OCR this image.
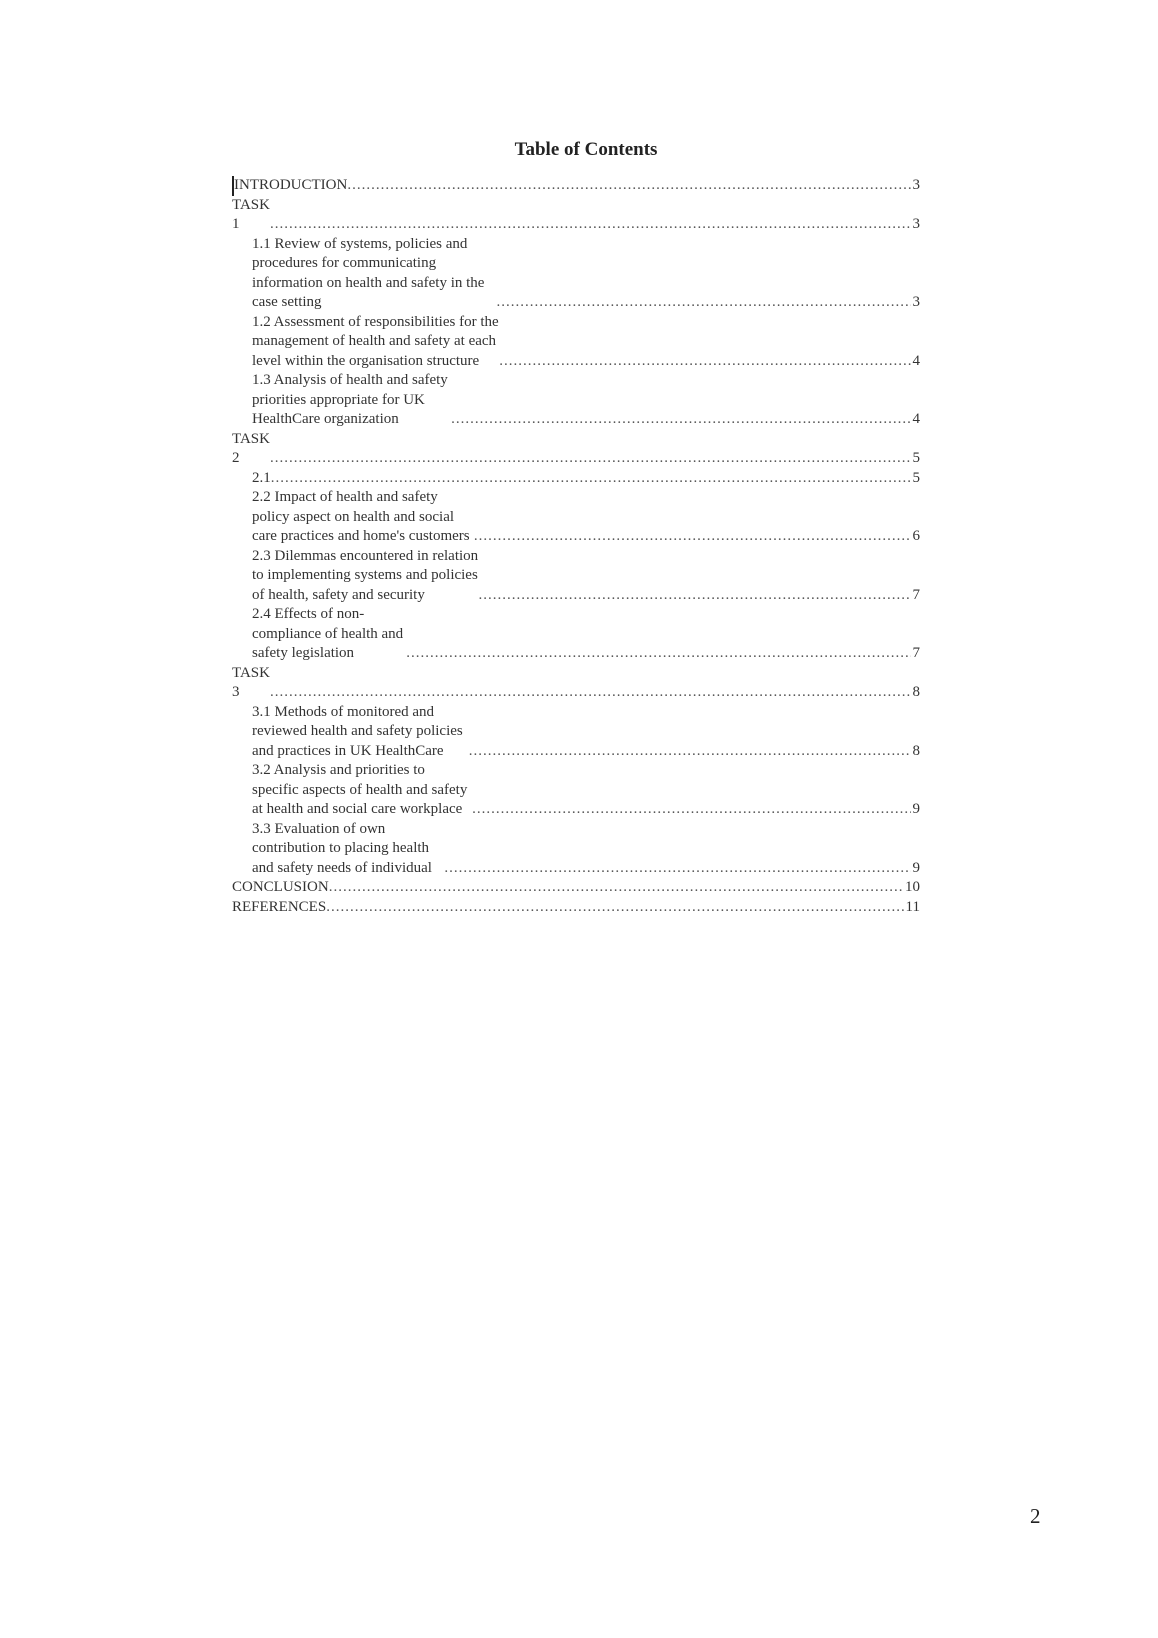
Table of Contents
INTRODUCTION .....	3
TASK 1 .....	3
1.1 Review of systems, policies and procedures for communicating information on health and safety in the case setting .....	3
1.2 Assessment of responsibilities for the management of health and safety at each level within the organisation structure .....	4
1.3 Analysis of health and safety priorities appropriate for UK HealthCare organization .....	4
TASK 2 .....	5
2.1 .....	5
2.2 Impact of health and safety policy aspect on health and social care practices and home's customers .....	6
2.3 Dilemmas encountered in relation to implementing systems and policies of health, safety and security .....	7
2.4 Effects of non-compliance of health and safety legislation .....	7
TASK 3 .....	8
3.1 Methods of monitored and reviewed health and safety policies and practices in UK HealthCare .....	8
3.2 Analysis and priorities to specific aspects of health and safety at health and social care workplace .....	9
3.3 Evaluation of own contribution to placing health and safety needs of individual .....	9
CONCLUSION .....	10
REFERENCES .....	11
2
